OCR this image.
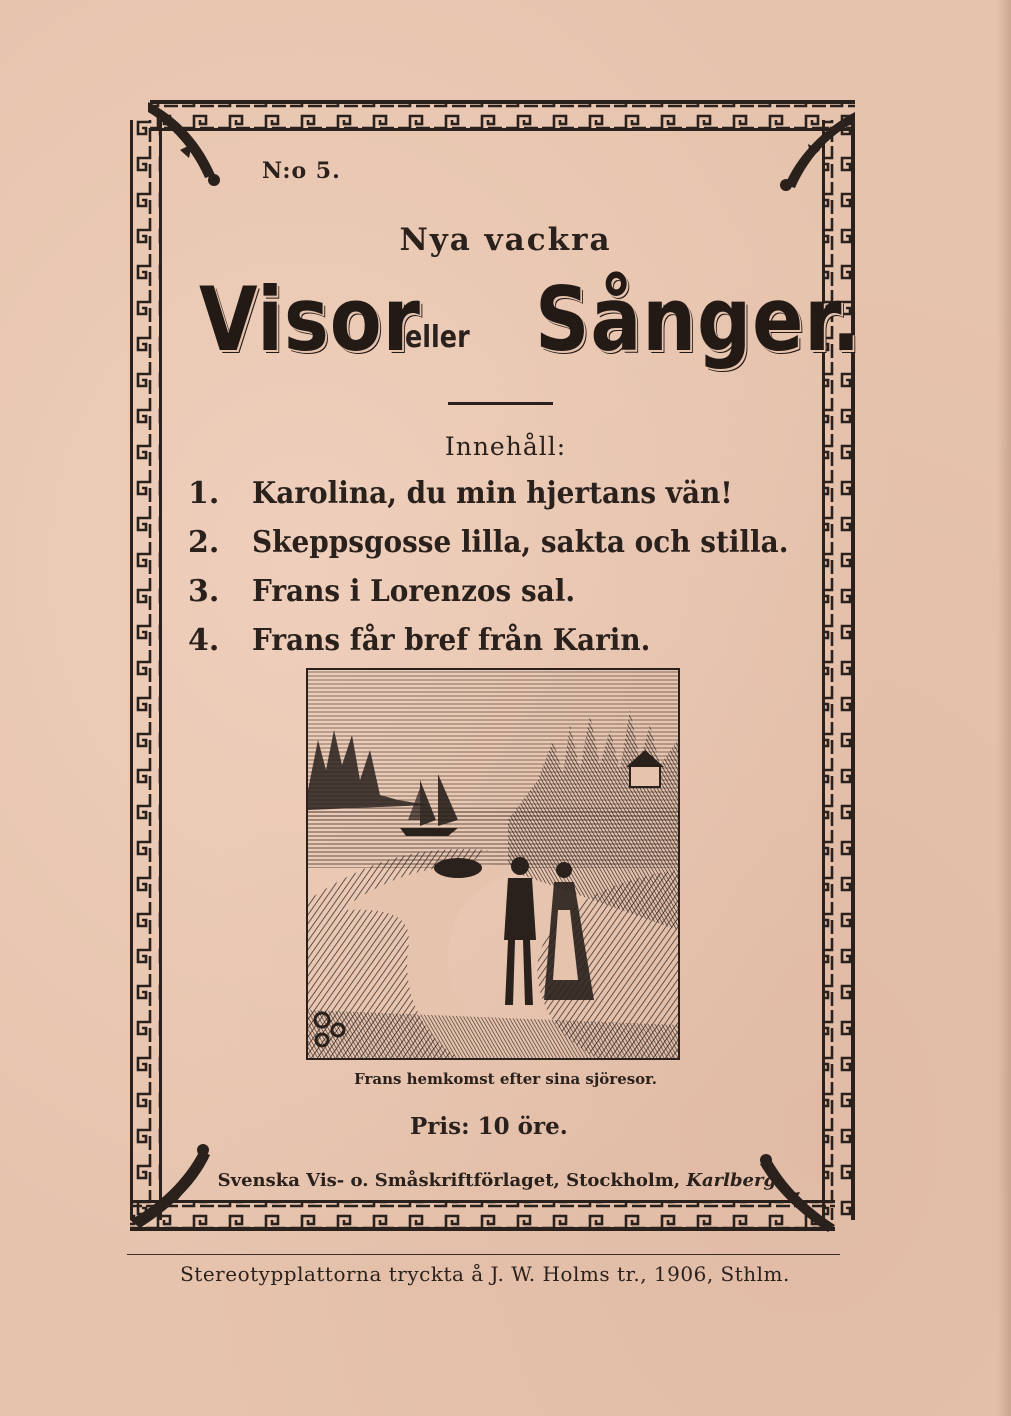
N:o 5.
Nya vackra
Visor
eller Sånger.
Innehåll:
1.	Karolina, du min hjertans vän!
2.	Skeppsgosse lilla, sakta och stilla.
3.	Frans i Lorenzos sal.
4.	Frans får bref från Karin.
Frans hemkomst efter sina sjöresor.
Pris: 10 öre.
Svenska Vis- o. Småskriftförlaget, Stockholm, Karlberg.
Stereotypplattorna tryckta å J. W. Holms tr., 1906, Sthlm.
